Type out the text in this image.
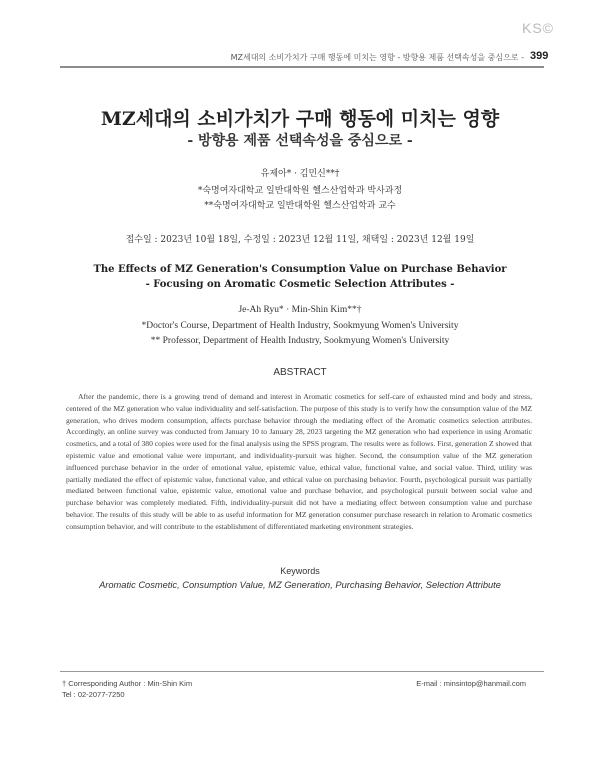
KS©
MZ세대의 소비가치가 구매 행동에 미치는 영향 - 방향용 제품 선택속성을 중심으로 - 399
MZ세대의 소비가치가 구매 행동에 미치는 영향
- 방향용 제품 선택속성을 중심으로 -
유제아* · 김민신**†
*숙명여자대학교 일반대학원 헬스산업학과 박사과정
**숙명여자대학교 일반대학원 헬스산업학과 교수
접수일 : 2023년 10월 18일, 수정일 : 2023년 12월 11일, 채택일 : 2023년 12월 19일
The Effects of MZ Generation's Consumption Value on Purchase Behavior
- Focusing on Aromatic Cosmetic Selection Attributes -
Je-Ah Ryu* · Min-Shin Kim**†
*Doctor's Course, Department of Health Industry, Sookmyung Women's University
** Professor, Department of Health Industry, Sookmyung Women's University
ABSTRACT

After the pandemic, there is a growing trend of demand and interest in Aromatic cosmetics for self-care of exhausted mind and body and stress, centered of the MZ generation who value individuality and self-satisfaction. The purpose of this study is to verify how the consumption value of the MZ generation, who drives modern consumption, affects purchase behavior through the mediating effect of the Aromatic cosmetics selection attributes. Accordingly, an online survey was conducted from January 10 to January 28, 2023 targeting the MZ generation who had experience in using Aromatic cosmetics, and a total of 380 copies were used for the final analysis using the SPSS program. The results were as follows. First, generation Z showed that epistemic value and emotional value were important, and individuality-pursuit was higher. Second, the consumption value of the MZ generation influenced purchase behavior in the order of emotional value, epistemic value, ethical value, functional value, and social value. Third, utility was partially mediated the effect of epistemic value, functional value, and ethical value on purchasing behavior. Fourth, psychological pursuit was partially mediated between functional value, epistemic value, emotional value and purchase behavior, and psychological pursuit between social value and purchase behavior was completely mediated. Fifth, individuality-pursuit did not have a mediating effect between consumption value and purchase behavior. The results of this study will be able to as useful information for MZ generation consumer purchase research in relation to Aromatic cosmetics consumption behavior, and will contribute to the establishment of differentiated marketing environment strategies.

Keywords
Aromatic Cosmetic, Consumption Value, MZ Generation, Purchasing Behavior, Selection Attribute
† Corresponding Author : Min-Shin Kim	E-mail : minsintop@hanmail.com
Tel : 02-2077-7250
